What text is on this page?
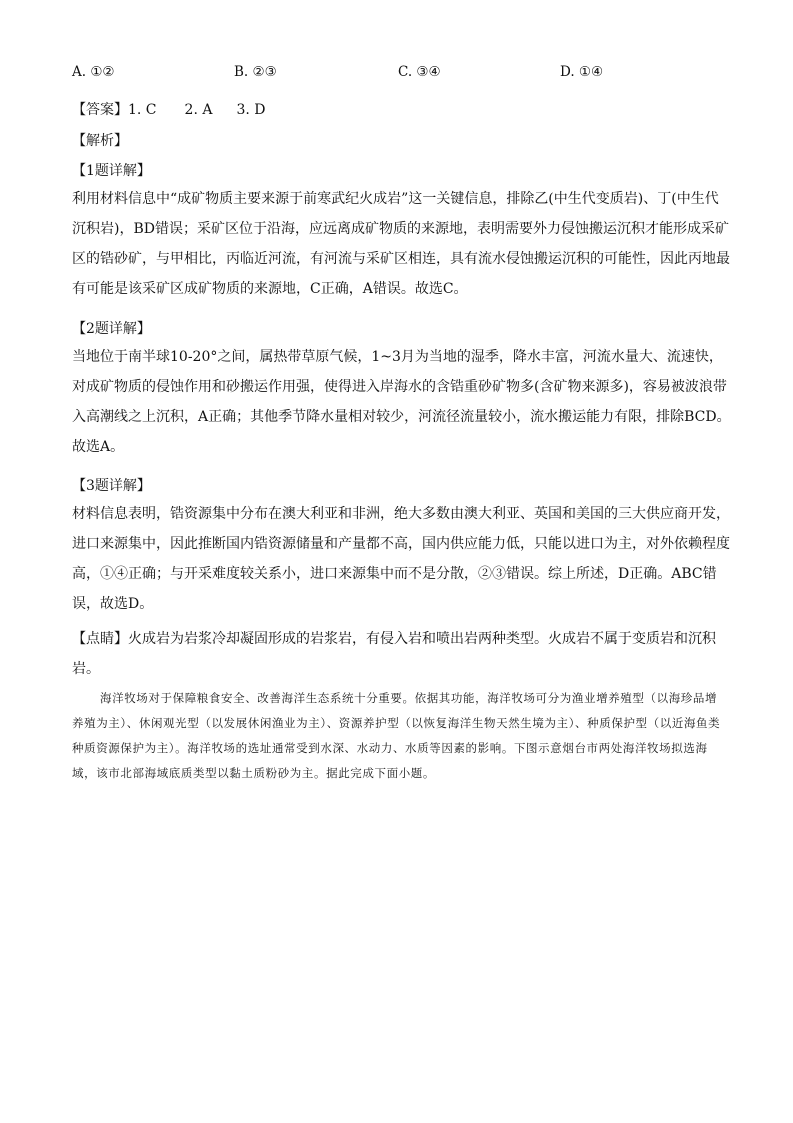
A. ①②	B. ②③	C. ③④	D. ①④
【答案】1. C 2. A 3. D
【解析】
【1题详解】
利用材料信息中“成矿物质主要来源于前寒武纪火成岩”这一关键信息，排除乙(中生代变质岩)、丁(中生代沉积岩)，BD错误；采矿区位于沿海，应远离成矿物质的来源地，表明需要外力侵蚀搬运沉积才能形成采矿区的锆砂矿，与甲相比，丙临近河流，有河流与采矿区相连，具有流水侵蚀搬运沉积的可能性，因此丙地最有可能是该采矿区成矿物质的来源地，C正确，A错误。故选C。
【2题详解】
当地位于南半球10-20°之间，属热带草原气候，1~3月为当地的湿季，降水丰富，河流水量大、流速快，对成矿物质的侵蚀作用和砂搬运作用强，使得进入岸海水的含锆重砂矿物多(含矿物来源多)，容易被波浪带入高潮线之上沉积，A正确；其他季节降水量相对较少，河流径流量较小，流水搬运能力有限，排除BCD。故选A。
【3题详解】
材料信息表明，锆资源集中分布在澳大利亚和非洲，绝大多数由澳大利亚、英国和美国的三大供应商开发，进口来源集中，因此推断国内锆资源储量和产量都不高，国内供应能力低，只能以进口为主，对外依赖程度高，①④正确；与开采难度较关系小，进口来源集中而不是分散，②③错误。综上所述，D正确。ABC错误，故选D。
【点睛】火成岩为岩浆冷却凝固形成的岩浆岩，有侵入岩和喷出岩两种类型。火成岩不属于变质岩和沉积岩。
海洋牧场对于保障粮食安全、改善海洋生态系统十分重要。依据其功能，海洋牧场可分为渔业增养殖型（以海珍品增养殖为主）、休闲观光型（以发展休闲渔业为主）、资源养护型（以恢复海洋生物天然生境为主）、种质保护型（以近海鱼类种质资源保护为主）。海洋牧场的选址通常受到水深、水动力、水质等因素的影响。下图示意烟台市两处海洋牧场拟选海域，该市北部海域底质类型以黏土质粉砂为主。据此完成下面小题。
